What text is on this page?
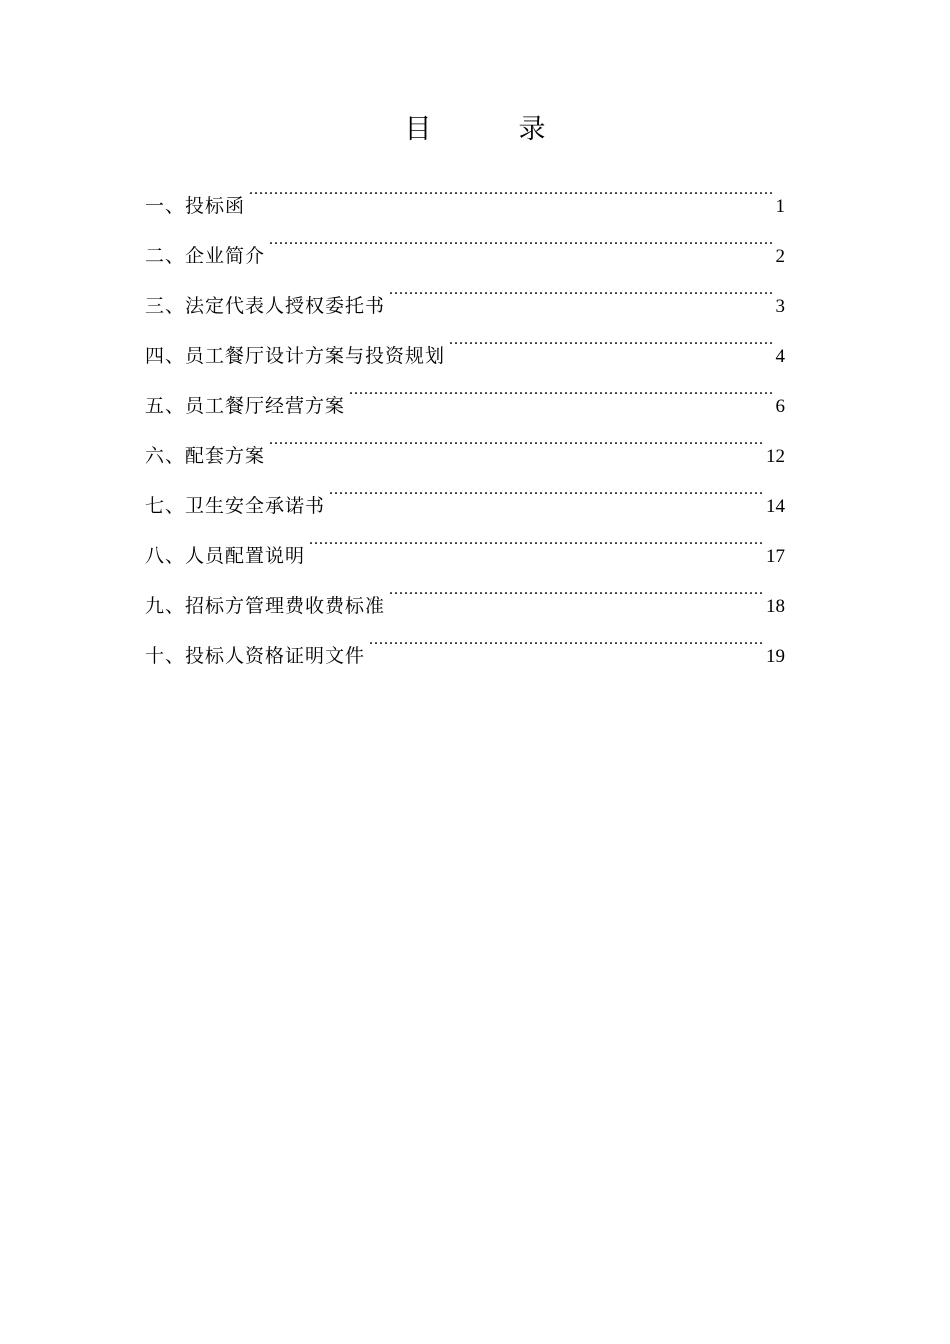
目　录
一、投标函 .....	1
二、企业简介 .....	2
三、法定代表人授权委托书 .....	3
四、员工餐厅设计方案与投资规划 .....	4
五、员工餐厅经营方案 .....	6
六、配套方案 .....	12
七、卫生安全承诺书 .....	14
八、人员配置说明 .....	17
九、招标方管理费收费标准 .....	18
十、投标人资格证明文件 .....	19
